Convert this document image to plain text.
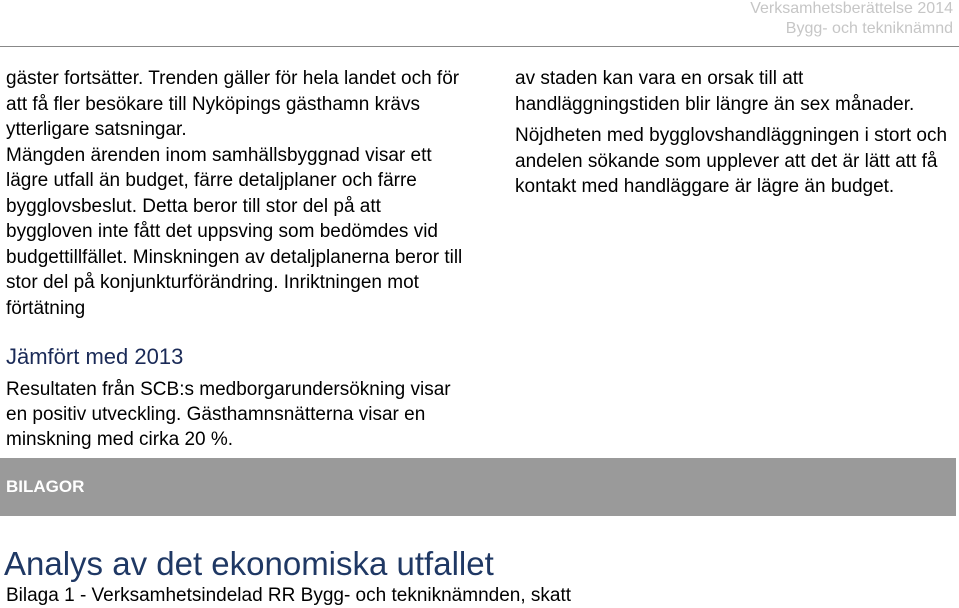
Verksamhetsberättelse 2014
Bygg- och tekniknämnd

gäster fortsätter. Trenden gäller för hela landet och för att få fler besökare till Nyköpings gästhamn krävs ytterligare satsningar.

Mängden ärenden inom samhällsbyggnad visar ett lägre utfall än budget, färre detaljplaner och färre bygglovsbeslut. Detta beror till stor del på att byggloven inte fått det uppsving som bedömdes vid budgettillfället. Minskningen av detaljplanerna beror till stor del på konjunkturförändring. Inriktningen mot förtätning

av staden kan vara en orsak till att handläggningstiden blir längre än sex månader.

Nöjdheten med bygglovshandläggningen i stort och andelen sökande som upplever att det är lätt att få kontakt med handläggare är lägre än budget.

Jämfört med 2013

Resultaten från SCB:s medborgarundersökning visar en positiv utveckling. Gästhamnsnätterna visar en minskning med cirka 20 %.

BILAGOR
Analys av det ekonomiska utfallet

Bilaga 1 - Verksamhetsindelad RR Bygg- och tekniknämnden, skatt
